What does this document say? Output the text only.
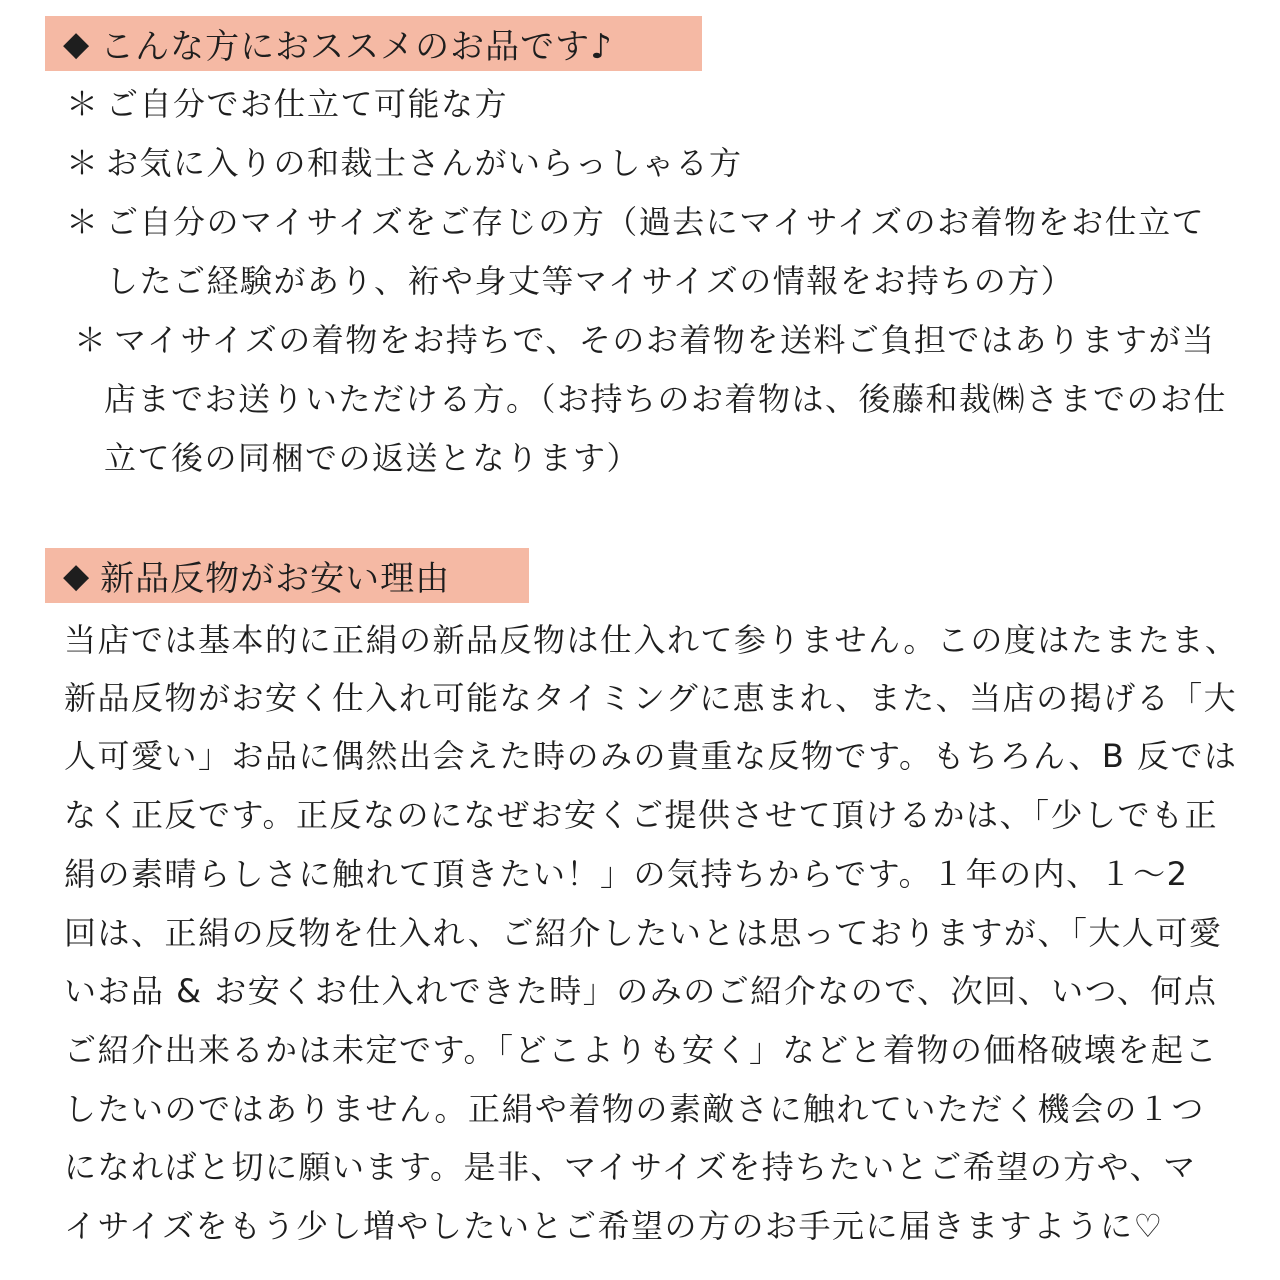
◆ こんな方におススメのお品です♪
＊ ご自分でお仕立て可能な方
＊ お気に入りの和裁士さんがいらっしゃる方
＊ ご自分のマイサイズをご存じの方（過去にマイサイズのお着物をお仕立て
したご経験があり、裄や身丈等マイサイズの情報をお持ちの方）
＊ マイサイズの着物をお持ちで、そのお着物を送料ご負担ではありますが当
店までお送りいただける方。（お持ちのお着物は、後藤和裁㈱さまでのお仕
立て後の同梱での返送となります）
◆ 新品反物がお安い理由
当店では基本的に正絹の新品反物は仕入れて参りません。この度はたまたま、
新品反物がお安く仕入れ可能なタイミングに恵まれ、また、当店の掲げる「大
人可愛い」お品に偶然出会えた時のみの貴重な反物です。もちろん、B 反では
なく正反です。正反なのになぜお安くご提供させて頂けるかは、「少しでも正
絹の素晴らしさに触れて頂きたい！」の気持ちからです。１年の内、１～2
回は、正絹の反物を仕入れ、ご紹介したいとは思っておりますが、「大人可愛
いお品 & お安くお仕入れできた時」のみのご紹介なので、次回、いつ、何点
ご紹介出来るかは未定です。「どこよりも安く」などと着物の価格破壊を起こ
したいのではありません。正絹や着物の素敵さに触れていただく機会の１つ
になればと切に願います。是非、マイサイズを持ちたいとご希望の方や、マ
イサイズをもう少し増やしたいとご希望の方のお手元に届きますように♡
